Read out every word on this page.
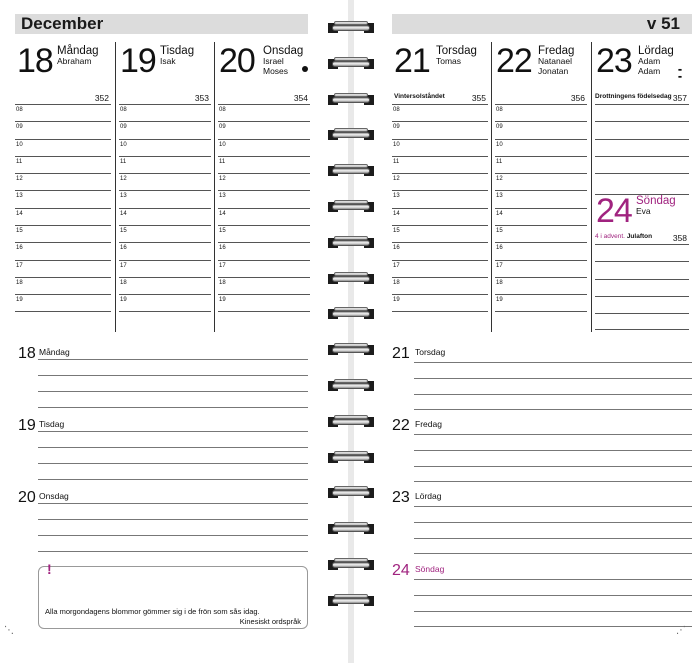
December
18 Måndag
Abraham
352
08
09
10
11
12
13
14
15
16
17
18
19
19 Tisdag
Isak
353
08
09
10
11
12
13
14
15
16
17
18
19
20 Onsdag
Israel
Moses
354
08
09
10
11
12
13
14
15
16
17
18
19
18 Måndag
19 Tisdag
20 Onsdag
!
Alla morgondagens blommor gömmer sig i de frön som sås idag.
Kinesiskt ordspråk
⋱
v 51
21 Torsdag
Tomas
355
Vintersolståndet
08
09
10
11
12
13
14
15
16
17
18
19
22 Fredag
Natanael
Jonatan
356
08
09
10
11
12
13
14
15
16
17
18
19
23 Lördag
Adam
Adam	▪▪
▪▪
357
Drottningens födelsedag
24 Söndag
Eva
4 i advent. Julafton 358
21 Torsdag
22 Fredag
23 Lördag
24 Söndag
⋰
